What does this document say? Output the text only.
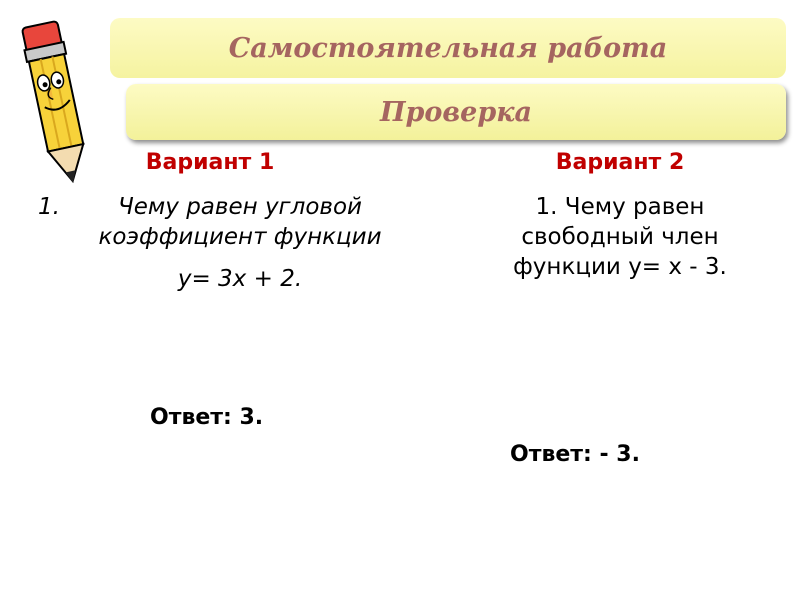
Самостоятельная работа
Проверка
Вариант 1
1.	Чему равен угловой коэффициент функции
у= 3х + 2.
Ответ: 3.
Вариант 2
1. Чему равен свободный член функции у= х - 3.
Ответ: - 3.
